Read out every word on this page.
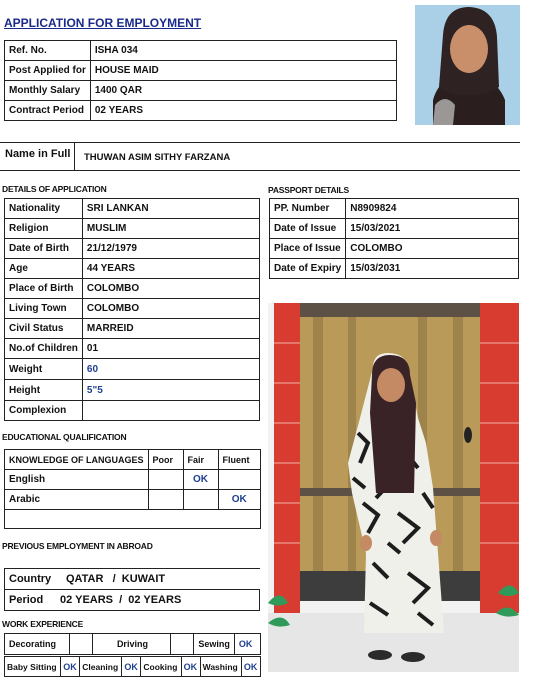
APPLICATION FOR EMPLOYMENT
Ref. No.	ISHA 034
Post Applied for	HOUSE MAID
Monthly Salary	1400 QAR
Contract Period	02 YEARS
Name in Full THUWAN ASIM SITHY FARZANA
DETAILS OF APPLICATION
Nationality	SRI LANKAN
Religion	MUSLIM
Date of Birth	21/12/1979
Age	44 YEARS
Place of Birth	COLOMBO
Living Town	COLOMBO
Civil Status	MARREID
No.of Children	01
Weight	60
Height	5"5
Complexion	
PASSPORT DETAILS
PP. Number	N8909824
Date of Issue	15/03/2021
Place of Issue	COLOMBO
Date of Expiry	15/03/2031
EDUCATIONAL QUALIFICATION
KNOWLEDGE OF LANGUAGES	Poor	Fair	Fluent
English		OK	
Arabic			OK

PREVIOUS EMPLOYMENT IN ABROAD
Country QATAR   /  KUWAIT
Period 02 YEARS  /  02 YEARS
WORK EXPERIENCE
Decorating		Driving		Sewing	OK
Baby Sitting	OK	Cleaning	OK	Cooking	OK	Washing	OK
